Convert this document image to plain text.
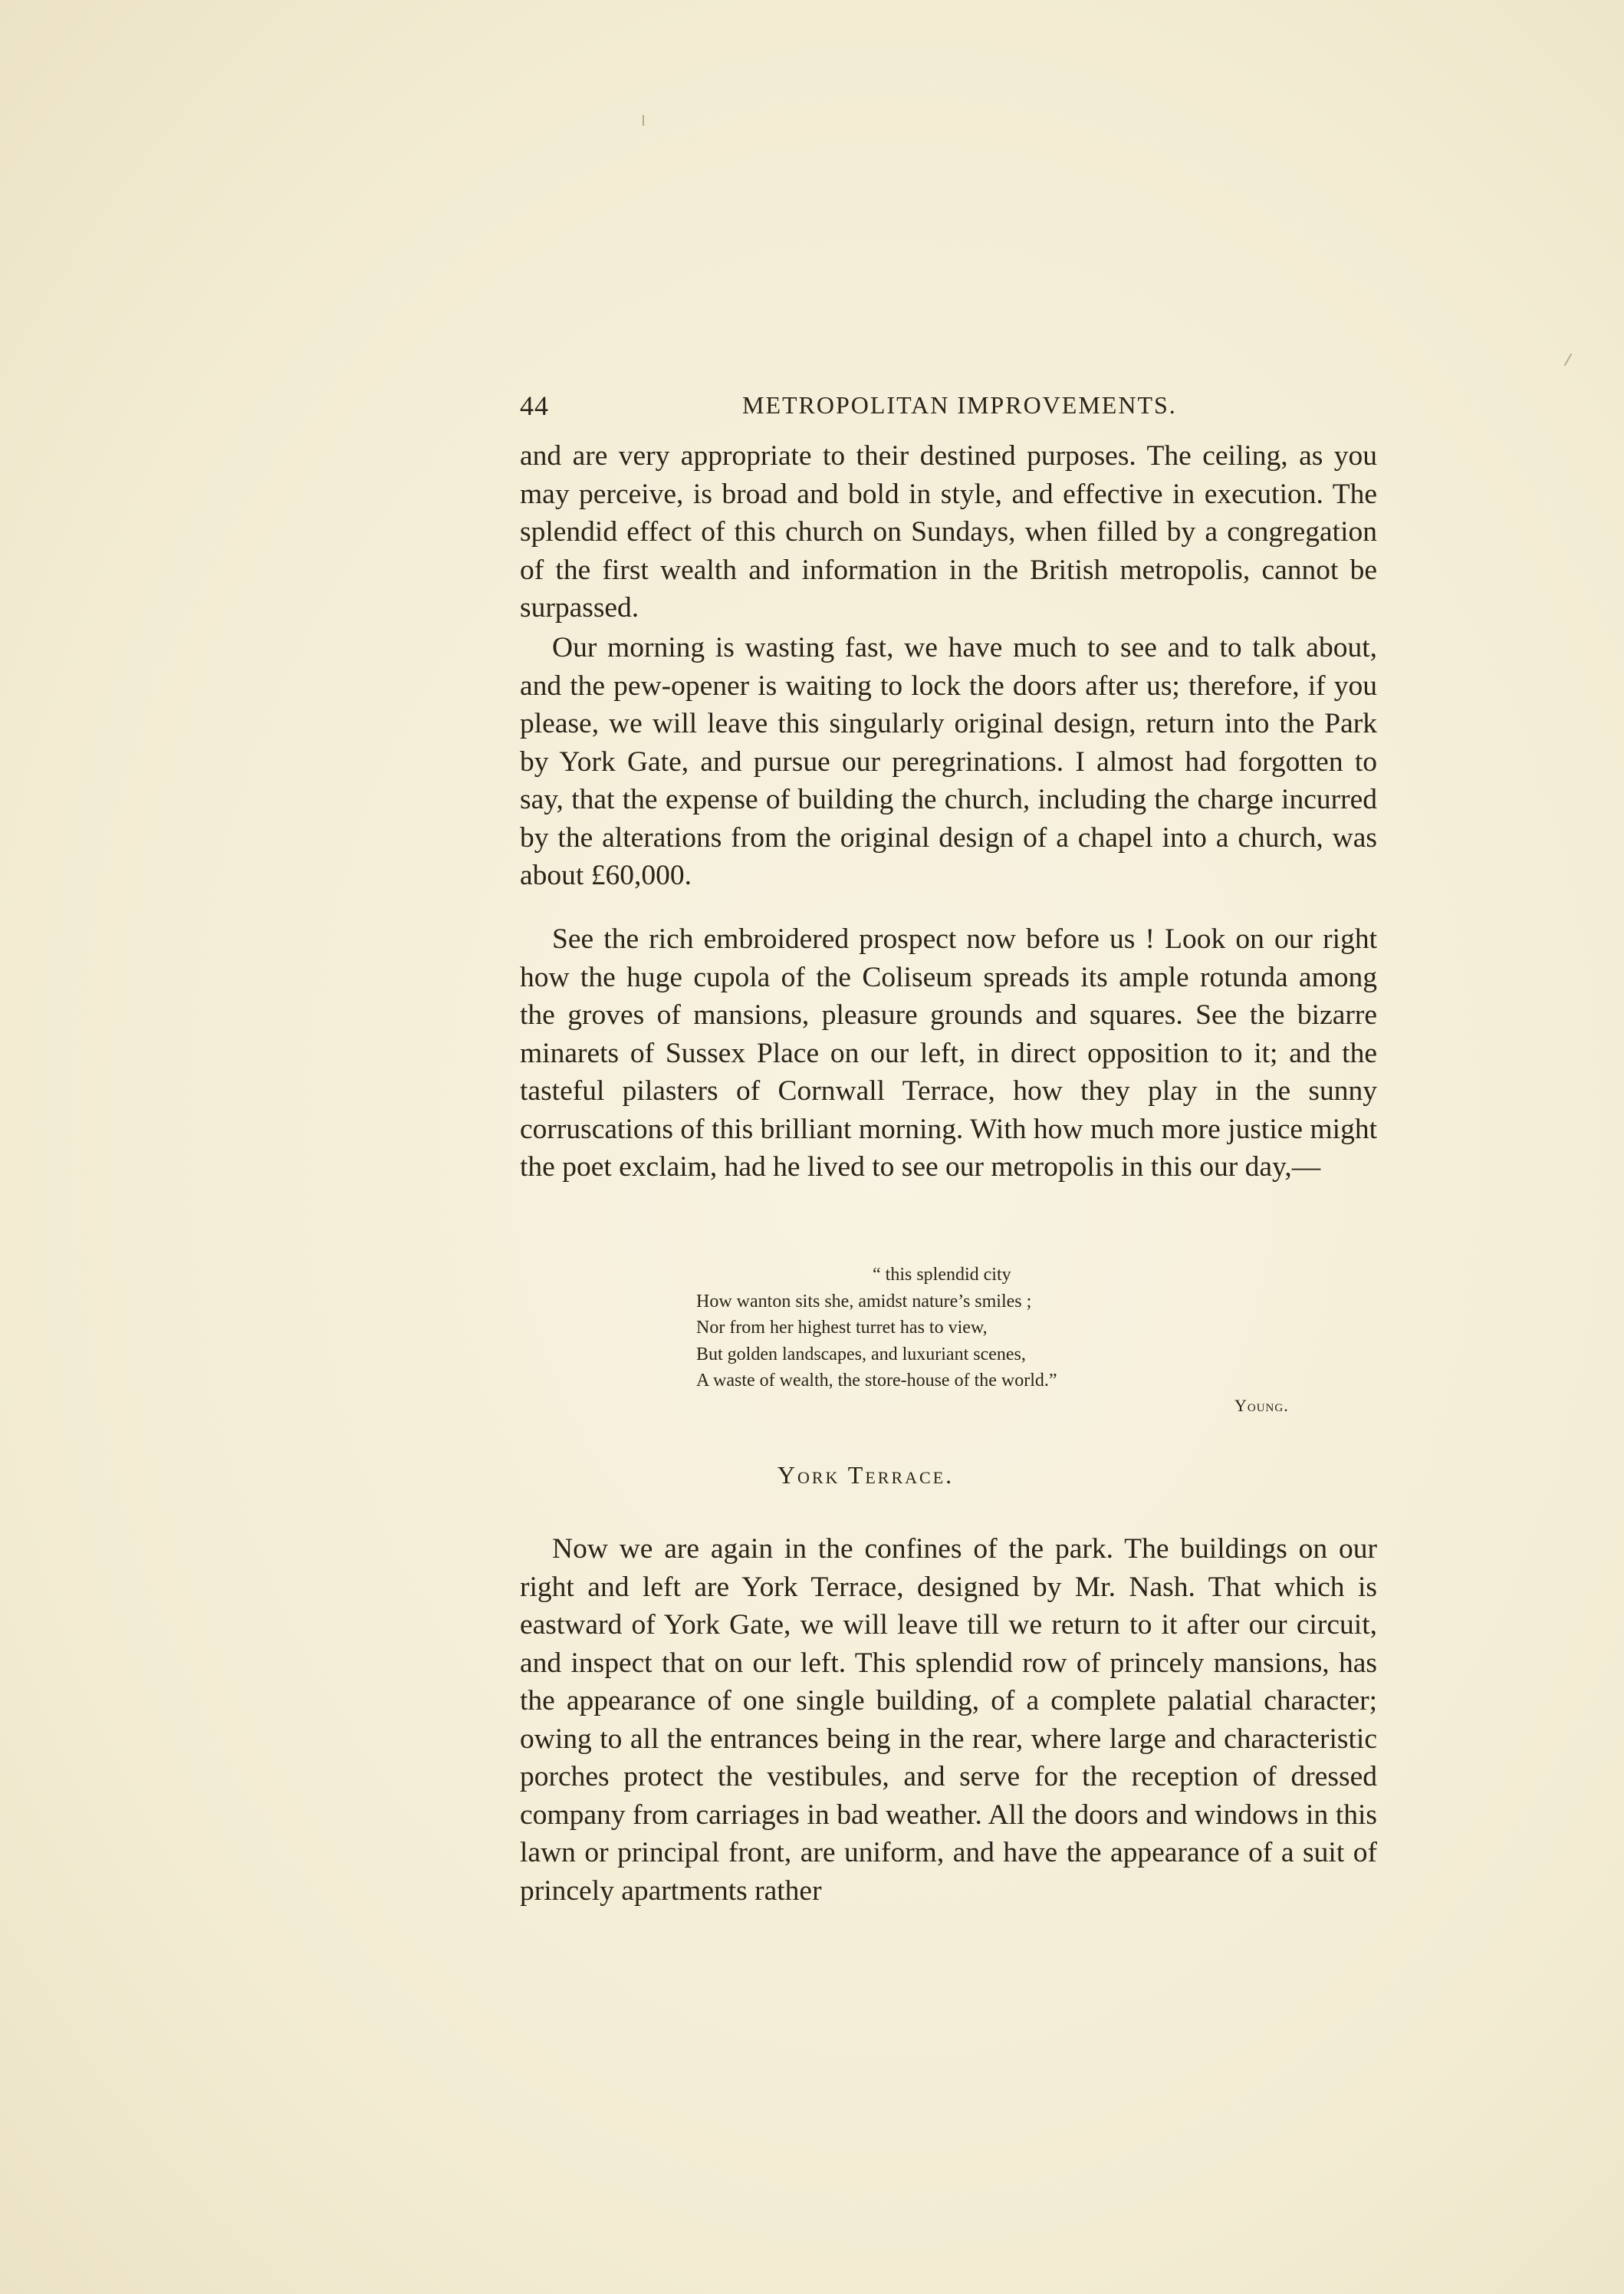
44	METROPOLITAN IMPROVEMENTS.

and are very appropriate to their destined purposes. The ceiling, as you may perceive, is broad and bold in style, and effective in execution. The splendid effect of this church on Sundays, when filled by a congregation of the first wealth and information in the British metropolis, cannot be surpassed.

Our morning is wasting fast, we have much to see and to talk about, and the pew-opener is waiting to lock the doors after us; therefore, if you please, we will leave this singularly original design, return into the Park by York Gate, and pursue our peregrinations. I almost had forgotten to say, that the expense of building the church, including the charge incurred by the alterations from the original design of a chapel into a church, was about £60,000.

See the rich embroidered prospect now before us ! Look on our right how the huge cupola of the Coliseum spreads its ample rotunda among the groves of mansions, pleasure grounds and squares. See the bizarre minarets of Sussex Place on our left, in direct opposition to it; and the tasteful pilasters of Cornwall Terrace, how they play in the sunny corruscations of this brilliant morning. With how much more justice might the poet exclaim, had he lived to see our metropolis in this our day,—

“ this splendid city
How wanton sits she, amidst nature’s smiles ;
Nor from her highest turret has to view,
But golden landscapes, and luxuriant scenes,
A waste of wealth, the store-house of the world.”
Young.
York Terrace.

Now we are again in the confines of the park. The buildings on our right and left are York Terrace, designed by Mr. Nash. That which is eastward of York Gate, we will leave till we return to it after our circuit, and inspect that on our left. This splendid row of princely mansions, has the appearance of one single building, of a complete palatial character; owing to all the entrances being in the rear, where large and characteristic porches protect the vestibules, and serve for the reception of dressed company from carriages in bad weather. All the doors and windows in this lawn or principal front, are uniform, and have the appearance of a suit of princely apartments rather
